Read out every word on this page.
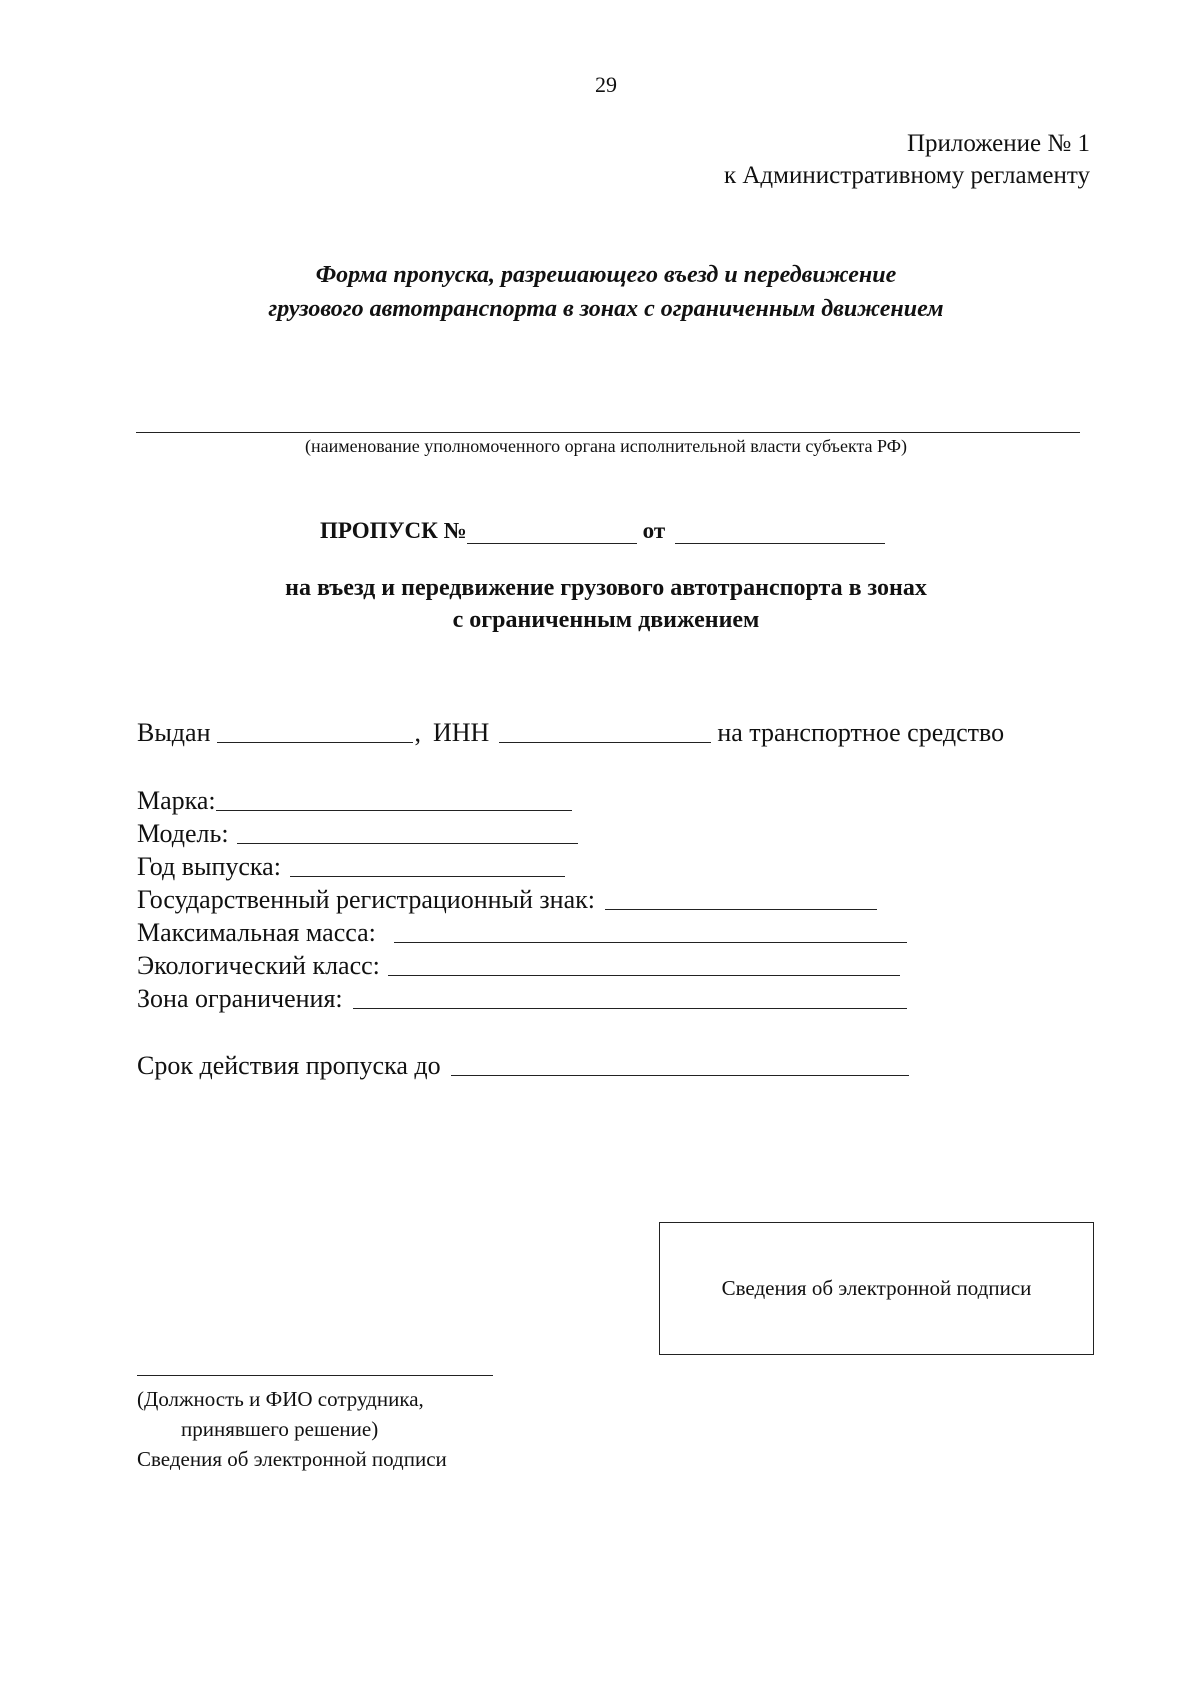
29
Приложение № 1
к Административному регламенту
Форма пропуска, разрешающего въезд и передвижение
грузового автотранспорта в зонах с ограниченным движением
(наименование уполномоченного органа исполнительной власти субъекта РФ)
ПРОПУСК №	от
на въезд и передвижение грузового автотранспорта в зонах
с ограниченным движением
Выдан	, ИНН	на транспортное средство
Марка:
Модель:
Год выпуска:
Государственный регистрационный знак:
Максимальная масса:
Экологический класс:
Зона ограничения:
Срок действия пропуска до
Сведения об электронной подписи
(Должность и ФИО сотрудника,
принявшего решение)
Сведения об электронной подписи
